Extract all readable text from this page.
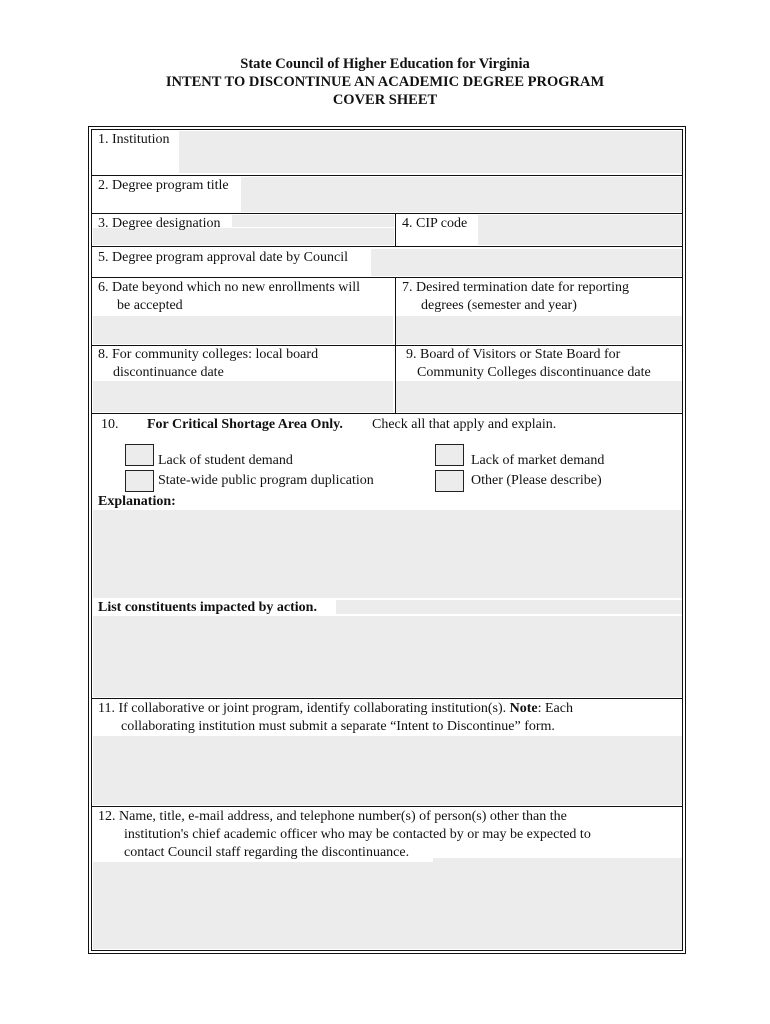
State Council of Higher Education for Virginia
INTENT TO DISCONTINUE AN ACADEMIC DEGREE PROGRAM
COVER SHEET
1. Institution
2. Degree program title
3. Degree designation	4. CIP code
5. Degree program approval date by Council
6. Date beyond which no new enrollments will
be accepted
7. Desired termination date for reporting
degrees (semester and year)
8. For community colleges: local board
discontinuance date
9. Board of Visitors or State Board for
Community Colleges discontinuance date
10. For Critical Shortage Area Only. Check all that apply and explain.
Lack of student demand
State-wide public program duplication
Lack of market demand
Other (Please describe)
Explanation:
List constituents impacted by action.
11. If collaborative or joint program, identify collaborating institution(s). Note: Each
collaborating institution must submit a separate “Intent to Discontinue” form.
12. Name, title, e-mail address, and telephone number(s) of person(s) other than the
institution's chief academic officer who may be contacted by or may be expected to
contact Council staff regarding the discontinuance.
